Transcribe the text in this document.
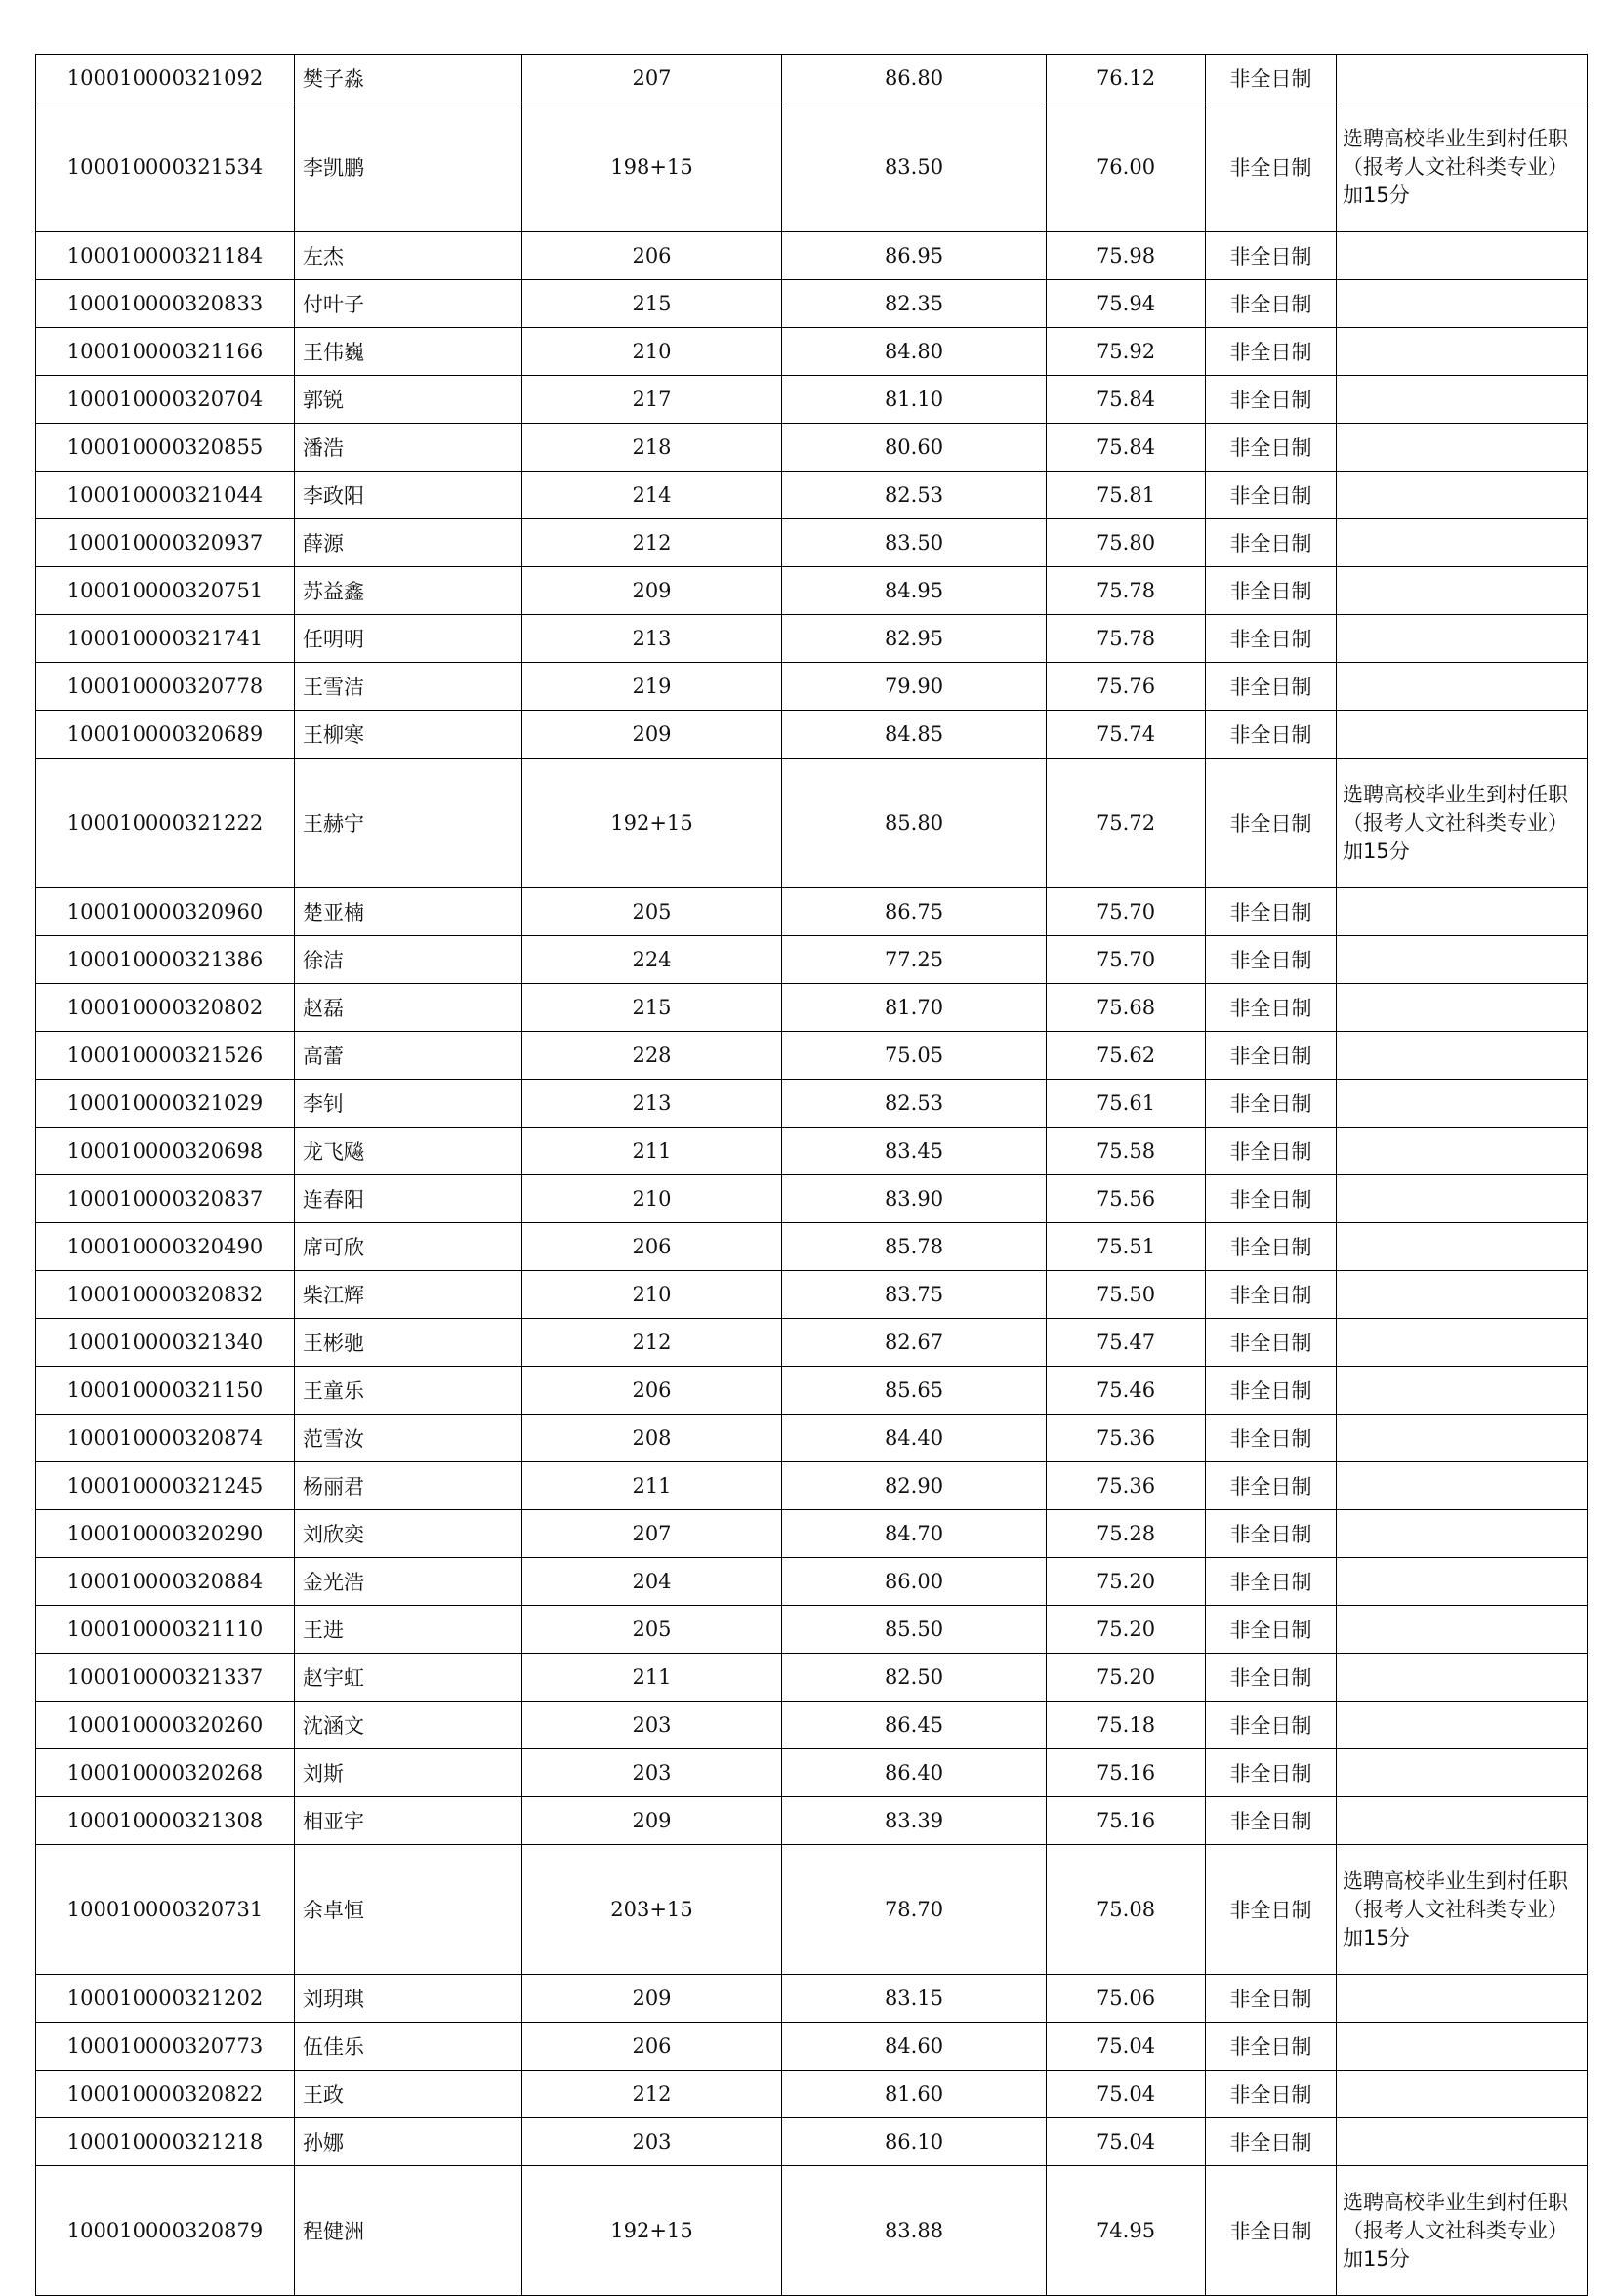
100010000321092	樊子淼	207	86.80	76.12	非全日制	
100010000321534	李凯鹏	198+15	83.50	76.00	非全日制	选聘高校毕业生到村任职（报考人文社科类专业）加15分
100010000321184	左杰	206	86.95	75.98	非全日制	
100010000320833	付叶子	215	82.35	75.94	非全日制	
100010000321166	王伟巍	210	84.80	75.92	非全日制	
100010000320704	郭锐	217	81.10	75.84	非全日制	
100010000320855	潘浩	218	80.60	75.84	非全日制	
100010000321044	李政阳	214	82.53	75.81	非全日制	
100010000320937	薛源	212	83.50	75.80	非全日制	
100010000320751	苏益鑫	209	84.95	75.78	非全日制	
100010000321741	任明明	213	82.95	75.78	非全日制	
100010000320778	王雪洁	219	79.90	75.76	非全日制	
100010000320689	王柳寒	209	84.85	75.74	非全日制	
100010000321222	王赫宁	192+15	85.80	75.72	非全日制	选聘高校毕业生到村任职（报考人文社科类专业）加15分
100010000320960	楚亚楠	205	86.75	75.70	非全日制	
100010000321386	徐洁	224	77.25	75.70	非全日制	
100010000320802	赵磊	215	81.70	75.68	非全日制	
100010000321526	高蕾	228	75.05	75.62	非全日制	
100010000321029	李钊	213	82.53	75.61	非全日制	
100010000320698	龙飞飚	211	83.45	75.58	非全日制	
100010000320837	连春阳	210	83.90	75.56	非全日制	
100010000320490	席可欣	206	85.78	75.51	非全日制	
100010000320832	柴江辉	210	83.75	75.50	非全日制	
100010000321340	王彬驰	212	82.67	75.47	非全日制	
100010000321150	王童乐	206	85.65	75.46	非全日制	
100010000320874	范雪汝	208	84.40	75.36	非全日制	
100010000321245	杨丽君	211	82.90	75.36	非全日制	
100010000320290	刘欣奕	207	84.70	75.28	非全日制	
100010000320884	金光浩	204	86.00	75.20	非全日制	
100010000321110	王进	205	85.50	75.20	非全日制	
100010000321337	赵宇虹	211	82.50	75.20	非全日制	
100010000320260	沈涵文	203	86.45	75.18	非全日制	
100010000320268	刘斯	203	86.40	75.16	非全日制	
100010000321308	相亚宇	209	83.39	75.16	非全日制	
100010000320731	余卓恒	203+15	78.70	75.08	非全日制	选聘高校毕业生到村任职（报考人文社科类专业）加15分
100010000321202	刘玥琪	209	83.15	75.06	非全日制	
100010000320773	伍佳乐	206	84.60	75.04	非全日制	
100010000320822	王政	212	81.60	75.04	非全日制	
100010000321218	孙娜	203	86.10	75.04	非全日制	
100010000320879	程健洲	192+15	83.88	74.95	非全日制	选聘高校毕业生到村任职（报考人文社科类专业）加15分
